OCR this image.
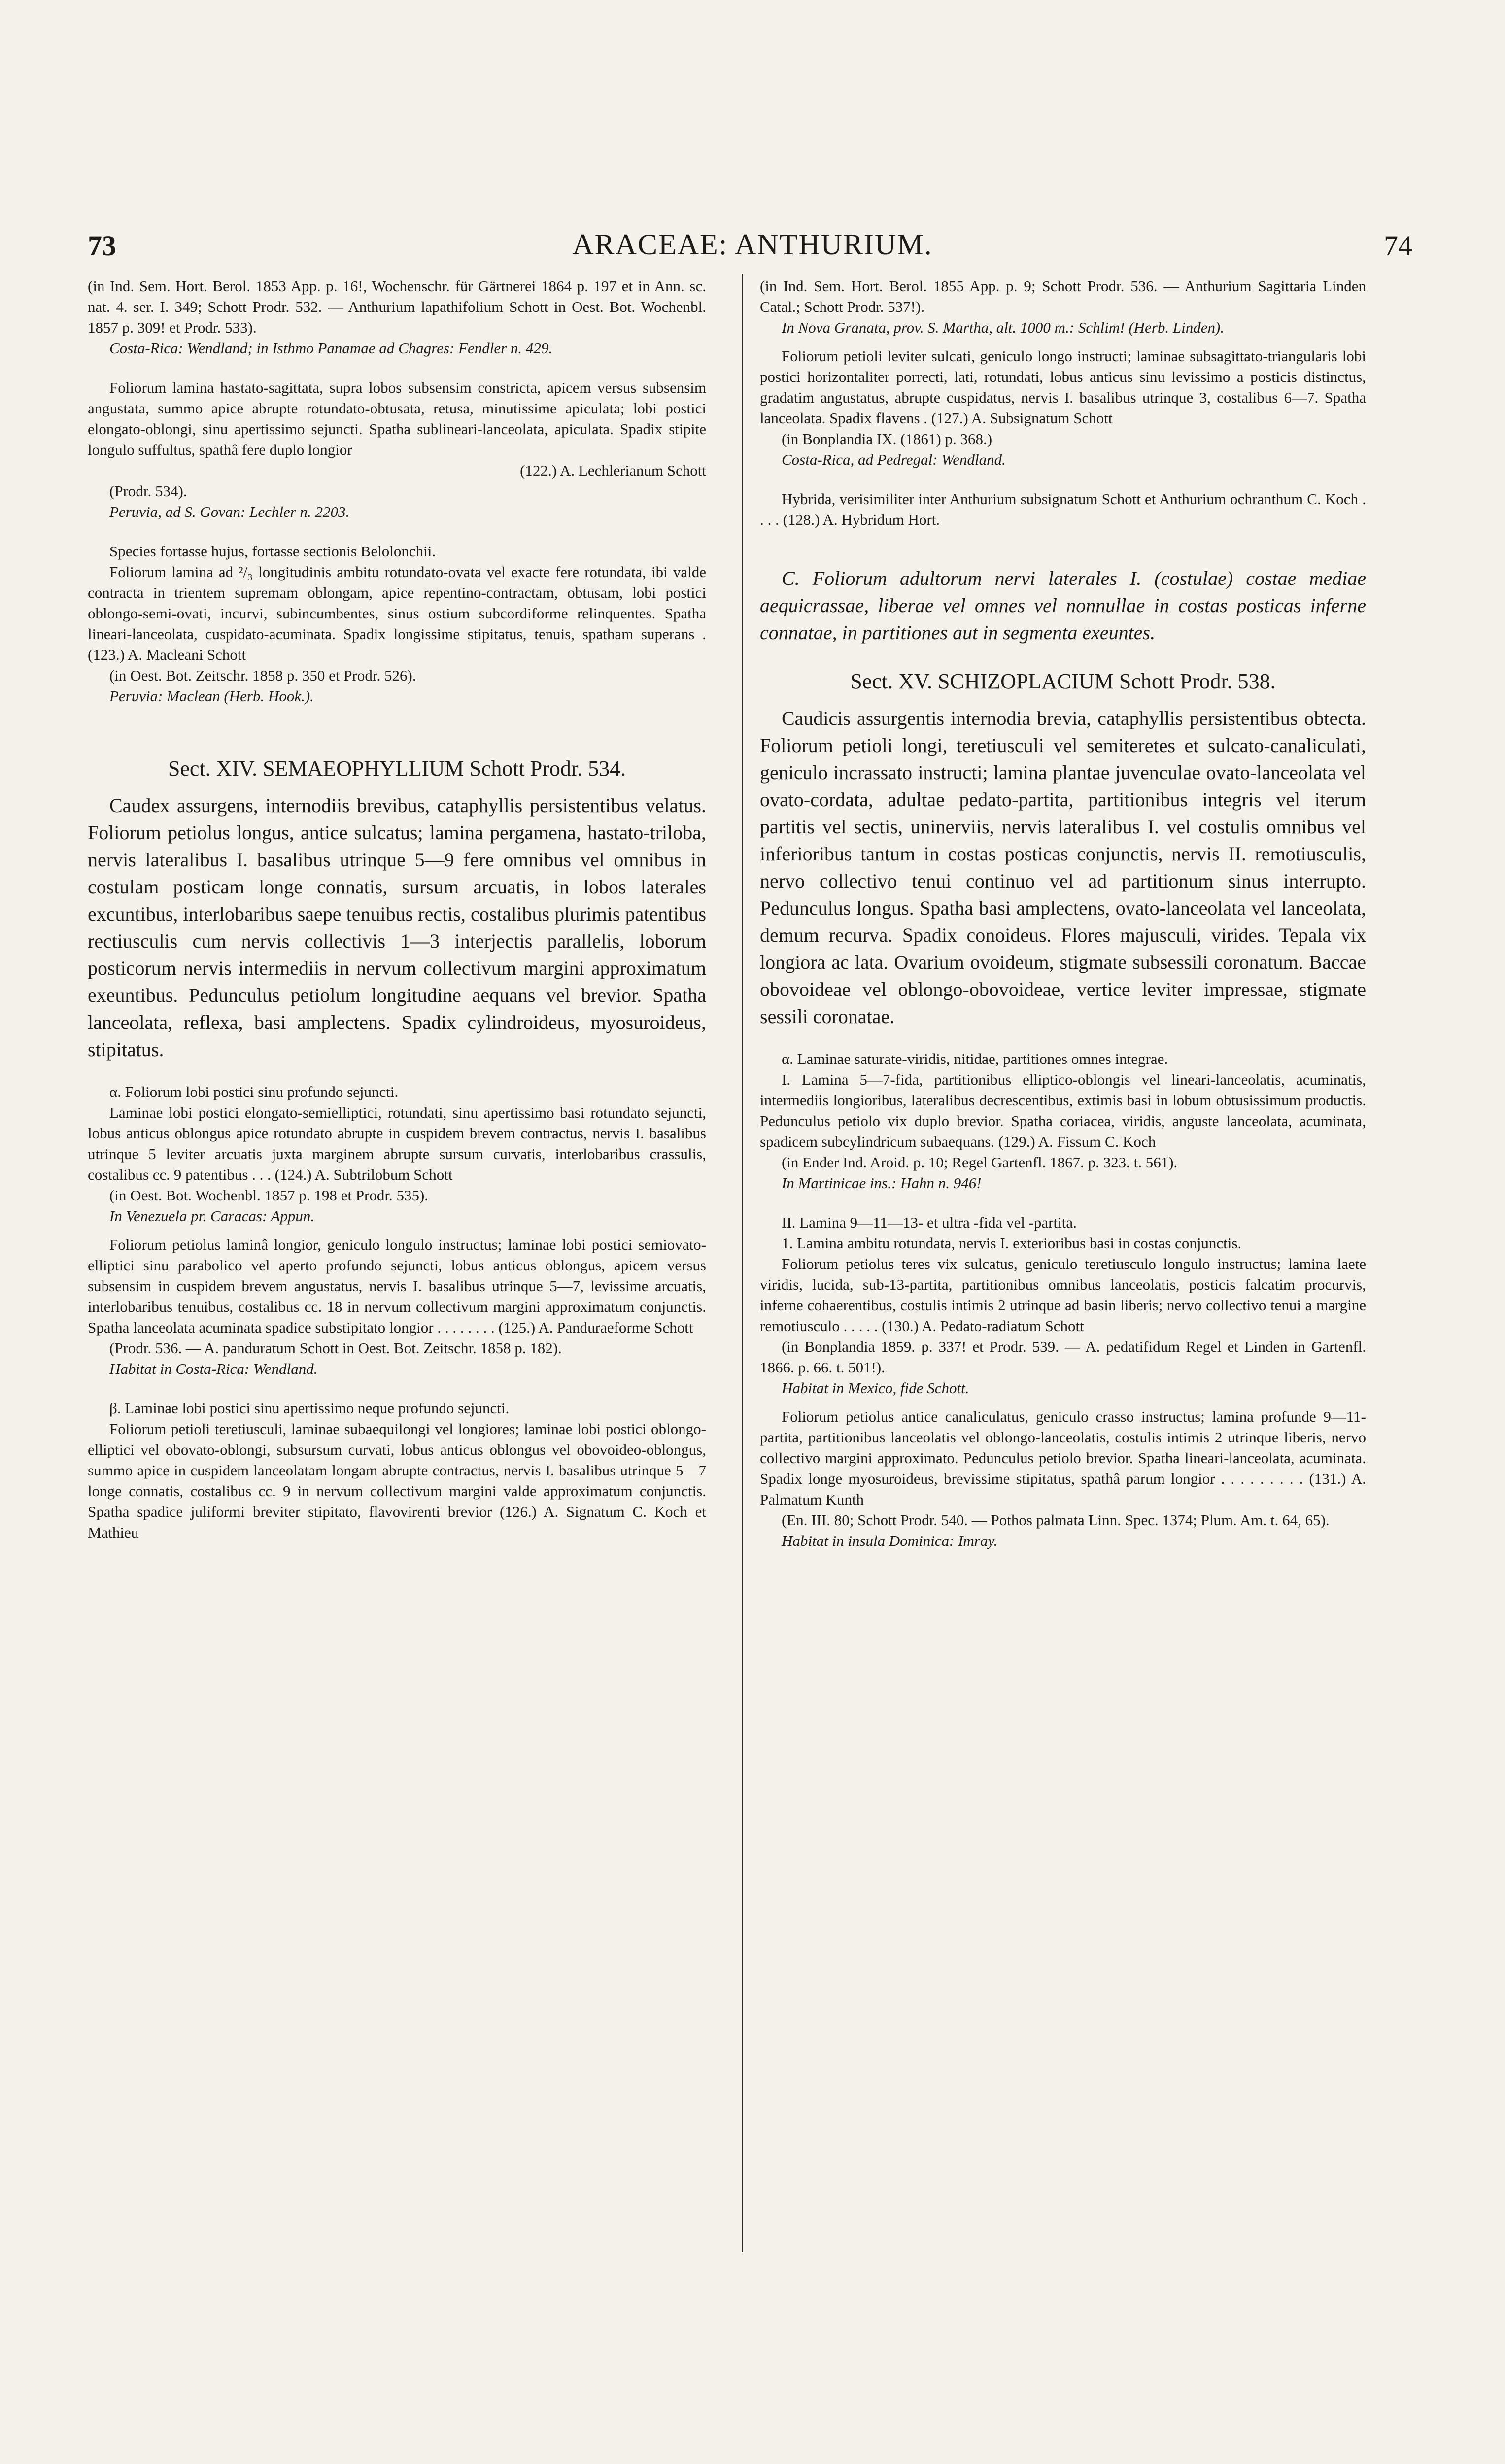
73	ARACEAE: ANTHURIUM.	74

(in Ind. Sem. Hort. Berol. 1853 App. p. 16!, Wochenschr. für Gärtnerei 1864 p. 197 et in Ann. sc. nat. 4. ser. I. 349; Schott Prodr. 532. — Anthurium lapathifolium Schott in Oest. Bot. Wochenbl. 1857 p. 309! et Prodr. 533).

Costa-Rica: Wendland; in Isthmo Panamae ad Chagres: Fendler n. 429.

Foliorum lamina hastato-sagittata, supra lobos subsensim constricta, apicem versus subsensim angustata, summo apice abrupte rotundato-obtusata, retusa, minutissime apiculata; lobi postici elongato-oblongi, sinu apertissimo sejuncti. Spatha sublineari-lanceolata, apiculata. Spadix stipite longulo suffultus, spathâ fere duplo longior

(122.) A. Lechlerianum Schott

(Prodr. 534).

Peruvia, ad S. Govan: Lechler n. 2203.

Species fortasse hujus, fortasse sectionis Belolonchii.

Foliorum lamina ad ²/₃ longitudinis ambitu rotundato-ovata vel exacte fere rotundata, ibi valde contracta in trientem supremam oblongam, apice repentino-contractam, obtusam, lobi postici oblongo-semi-ovati, incurvi, subincumbentes, sinus ostium subcordiforme relinquentes. Spatha lineari-lanceolata, cuspidato-acuminata. Spadix longissime stipitatus, tenuis, spatham superans . (123.) A. Macleani Schott

(in Oest. Bot. Zeitschr. 1858 p. 350 et Prodr. 526).

Peruvia: Maclean (Herb. Hook.).

Sect. XIV. SEMAEOPHYLLIUM Schott Prodr. 534.

Caudex assurgens, internodiis brevibus, cataphyllis persistentibus velatus. Foliorum petiolus longus, antice sulcatus; lamina pergamena, hastato-triloba, nervis lateralibus I. basalibus utrinque 5—9 fere omnibus vel omnibus in costulam posticam longe connatis, sursum arcuatis, in lobos laterales excuntibus, interlobaribus saepe tenuibus rectis, costalibus plurimis patentibus rectiusculis cum nervis collectivis 1—3 interjectis parallelis, loborum posticorum nervis intermediis in nervum collectivum margini approximatum exeuntibus. Pedunculus petiolum longitudine aequans vel brevior. Spatha lanceolata, reflexa, basi amplectens. Spadix cylindroideus, myosuroideus, stipitatus.

α. Foliorum lobi postici sinu profundo sejuncti.

Laminae lobi postici elongato-semielliptici, rotundati, sinu apertissimo basi rotundato sejuncti, lobus anticus oblongus apice rotundato abrupte in cuspidem brevem contractus, nervis I. basalibus utrinque 5 leviter arcuatis juxta marginem abrupte sursum curvatis, interlobaribus crassulis, costalibus cc. 9 patentibus . . . (124.) A. Subtrilobum Schott

(in Oest. Bot. Wochenbl. 1857 p. 198 et Prodr. 535).

In Venezuela pr. Caracas: Appun.

Foliorum petiolus laminâ longior, geniculo longulo instructus; laminae lobi postici semiovato-elliptici sinu parabolico vel aperto profundo sejuncti, lobus anticus oblongus, apicem versus subsensim in cuspidem brevem angustatus, nervis I. basalibus utrinque 5—7, levissime arcuatis, interlobaribus tenuibus, costalibus cc. 18 in nervum collectivum margini approximatum conjunctis. Spatha lanceolata acuminata spadice substipitato longior . . . . . . . . (125.) A. Panduraeforme Schott

(Prodr. 536. — A. panduratum Schott in Oest. Bot. Zeitschr. 1858 p. 182).

Habitat in Costa-Rica: Wendland.

β. Laminae lobi postici sinu apertissimo neque profundo sejuncti.

Foliorum petioli teretiusculi, laminae subaequilongi vel longiores; laminae lobi postici oblongo-elliptici vel obovato-oblongi, subsursum curvati, lobus anticus oblongus vel obovoideo-oblongus, summo apice in cuspidem lanceolatam longam abrupte contractus, nervis I. basalibus utrinque 5—7 longe connatis, costalibus cc. 9 in nervum collectivum margini valde approximatum conjunctis. Spatha spadice juliformi breviter stipitato, flavovirenti brevior (126.) A. Signatum C. Koch et Mathieu

(in Ind. Sem. Hort. Berol. 1855 App. p. 9; Schott Prodr. 536. — Anthurium Sagittaria Linden Catal.; Schott Prodr. 537!).

In Nova Granata, prov. S. Martha, alt. 1000 m.: Schlim! (Herb. Linden).

Foliorum petioli leviter sulcati, geniculo longo instructi; laminae subsagittato-triangularis lobi postici horizontaliter porrecti, lati, rotundati, lobus anticus sinu levissimo a posticis distinctus, gradatim angustatus, abrupte cuspidatus, nervis I. basalibus utrinque 3, costalibus 6—7. Spatha lanceolata. Spadix flavens . (127.) A. Subsignatum Schott

(in Bonplandia IX. (1861) p. 368.)

Costa-Rica, ad Pedregal: Wendland.

Hybrida, verisimiliter inter Anthurium subsignatum Schott et Anthurium ochranthum C. Koch . . . . (128.) A. Hybridum Hort.

C. Foliorum adultorum nervi laterales I. (costulae) costae mediae aequicrassae, liberae vel omnes vel nonnullae in costas posticas inferne connatae, in partitiones aut in segmenta exeuntes.

Sect. XV. SCHIZOPLACIUM Schott Prodr. 538.

Caudicis assurgentis internodia brevia, cataphyllis persistentibus obtecta. Foliorum petioli longi, teretiusculi vel semiteretes et sulcato-canaliculati, geniculo incrassato instructi; lamina plantae juvenculae ovato-lanceolata vel ovato-cordata, adultae pedato-partita, partitionibus integris vel iterum partitis vel sectis, uninerviis, nervis lateralibus I. vel costulis omnibus vel inferioribus tantum in costas posticas conjunctis, nervis II. remotiusculis, nervo collectivo tenui continuo vel ad partitionum sinus interrupto. Pedunculus longus. Spatha basi amplectens, ovato-lanceolata vel lanceolata, demum recurva. Spadix conoideus. Flores majusculi, virides. Tepala vix longiora ac lata. Ovarium ovoideum, stigmate subsessili coronatum. Baccae obovoideae vel oblongo-obovoideae, vertice leviter impressae, stigmate sessili coronatae.

α. Laminae saturate-viridis, nitidae, partitiones omnes integrae.

I. Lamina 5—7-fida, partitionibus elliptico-oblongis vel lineari-lanceolatis, acuminatis, intermediis longioribus, lateralibus decrescentibus, extimis basi in lobum obtusissimum productis. Pedunculus petiolo vix duplo brevior. Spatha coriacea, viridis, anguste lanceolata, acuminata, spadicem subcylindricum subaequans. (129.) A. Fissum C. Koch

(in Ender Ind. Aroid. p. 10; Regel Gartenfl. 1867. p. 323. t. 561).

In Martinicae ins.: Hahn n. 946!

II. Lamina 9—11—13- et ultra -fida vel -partita.

1. Lamina ambitu rotundata, nervis I. exterioribus basi in costas conjunctis.

Foliorum petiolus teres vix sulcatus, geniculo teretiusculo longulo instructus; lamina laete viridis, lucida, sub-13-partita, partitionibus omnibus lanceolatis, posticis falcatim procurvis, inferne cohaerentibus, costulis intimis 2 utrinque ad basin liberis; nervo collectivo tenui a margine remotiusculo . . . . . (130.) A. Pedato-radiatum Schott

(in Bonplandia 1859. p. 337! et Prodr. 539. — A. pedatifidum Regel et Linden in Gartenfl. 1866. p. 66. t. 501!).

Habitat in Mexico, fide Schott.

Foliorum petiolus antice canaliculatus, geniculo crasso instructus; lamina profunde 9—11-partita, partitionibus lanceolatis vel oblongo-lanceolatis, costulis intimis 2 utrinque liberis, nervo collectivo margini approximato. Pedunculus petiolo brevior. Spatha lineari-lanceolata, acuminata. Spadix longe myosuroideus, brevissime stipitatus, spathâ parum longior . . . . . . . . . (131.) A. Palmatum Kunth

(En. III. 80; Schott Prodr. 540. — Pothos palmata Linn. Spec. 1374; Plum. Am. t. 64, 65).

Habitat in insula Dominica: Imray.
